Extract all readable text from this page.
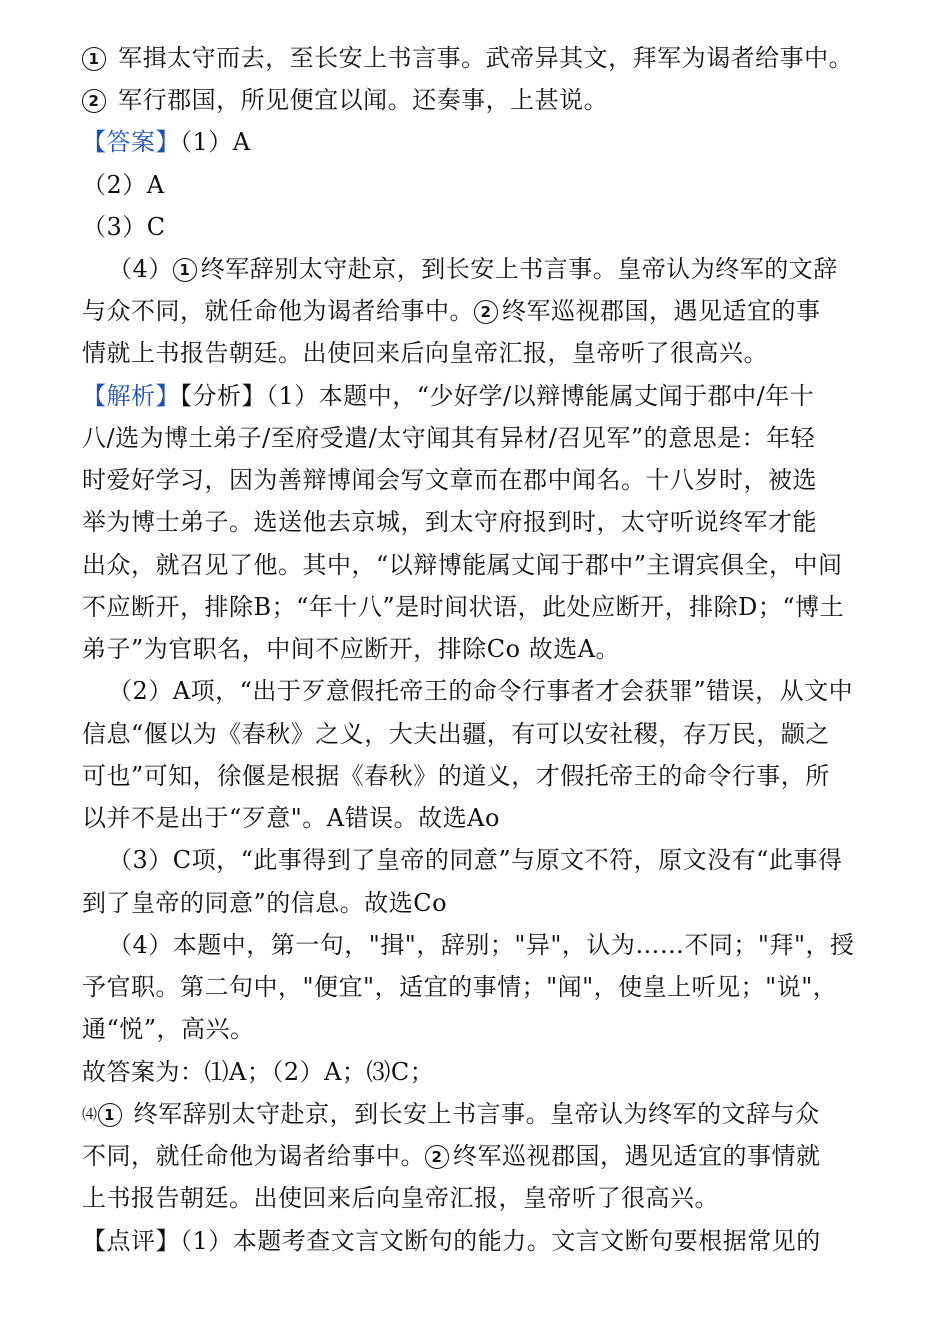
1 军揖太守而去，至长安上书言事。武帝异其文，拜军为谒者给事中。
2 军行郡国，所见便宜以闻。还奏事，上甚说。
【答案】（1）A
（2）A
（3）C
（4） 1 终军辞别太守赴京，到长安上书言事。皇帝认为终军的文辞
与众不同，就任命他为谒者给事中。 2 终军巡视郡国，遇见适宜的事
情就上书报告朝廷。出使回来后向皇帝汇报，皇帝听了很高兴。
【解析】【分析】（1）本题中，“少好学/以辩博能属丈闻于郡中/年十
八/选为博土弟子/至府受遣/太守闻其有异材/召见军”的意思是：年轻
时爱好学习，因为善辩博闻会写文章而在郡中闻名。十八岁时，被选
举为博士弟子。选送他去京城，到太守府报到时，太守听说终军才能
出众，就召见了他。其中，“以辩博能属丈闻于郡中”主谓宾俱全，中间
不应断开，排除B；“年十八”是时间状语，此处应断开，排除D；“博土
弟子”为官职名，中间不应断开，排除Co 故选A。
（2）A项，“出于歹意假托帝王的命令行事者才会获罪”错误，从文中
信息“偃以为《春秋》之义，大夫出疆，有可以安社稷，存万民，颛之
可也”可知，徐偃是根据《春秋》的道义，才假托帝王的命令行事，所
以并不是出于“歹意"。A错误。故选Ao
（3）C项，“此事得到了皇帝的同意”与原文不符，原文没有“此事得
到了皇帝的同意”的信息。故选Co
（4）本题中，第一句，"揖"，辞别；"异"，认为……不同；"拜"，授
予官职。第二句中，"便宜"，适宜的事情；"闻"，使皇上听见；"说"，
通“悦”，高兴。
故答案为：⑴A；（2）A；⑶C；
⑷ 1 终军辞别太守赴京，到长安上书言事。皇帝认为终军的文辞与众
不同，就任命他为谒者给事中。 2 终军巡视郡国，遇见适宜的事情就
上书报告朝廷。出使回来后向皇帝汇报，皇帝听了很高兴。
【点评】（1）本题考查文言文断句的能力。文言文断句要根据常见的
